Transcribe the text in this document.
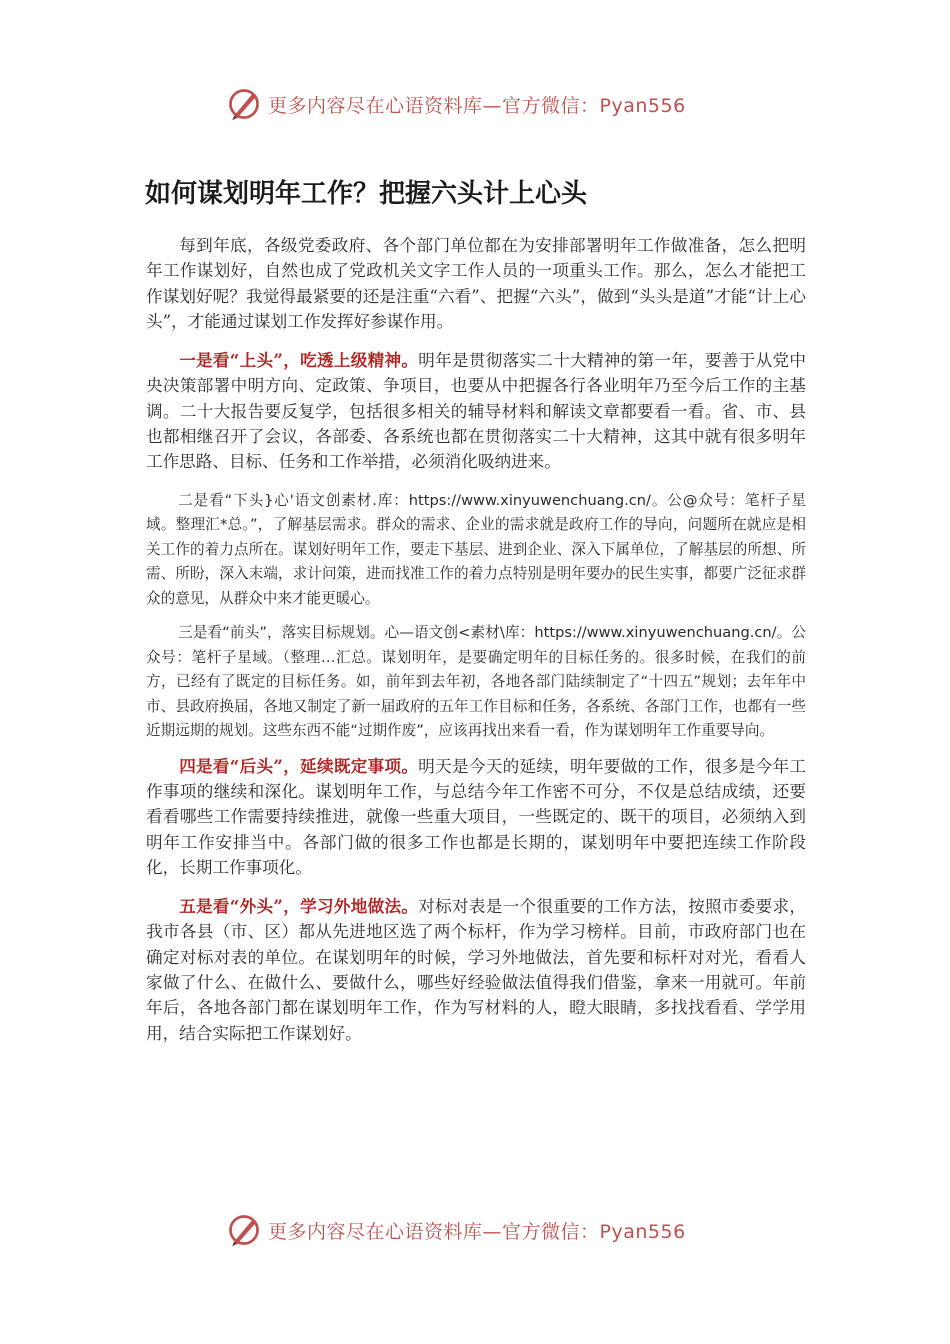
更多内容尽在心语资料库—官方微信：Pyan556
如何谋划明年工作？把握六头计上心头

每到年底，各级党委政府、各个部门单位都在为安排部署明年工作做准备，怎么把明年工作谋划好，自然也成了党政机关文字工作人员的一项重头工作。那么，怎么才能把工作谋划好呢？我觉得最紧要的还是注重“六看”、把握“六头”，做到“头头是道”才能“计上心头”，才能通过谋划工作发挥好参谋作用。

一是看“上头”，吃透上级精神。明年是贯彻落实二十大精神的第一年，要善于从党中央决策部署中明方向、定政策、争项目，也要从中把握各行各业明年乃至今后工作的主基调。二十大报告要反复学，包括很多相关的辅导材料和解读文章都要看一看。省、市、县也都相继召开了会议，各部委、各系统也都在贯彻落实二十大精神，这其中就有很多明年工作思路、目标、任务和工作举措，必须消化吸纳进来。

二是看“下头}心'语文创素材.库：https://www.xinyuwenchuang.cn/。公@众号：笔杆子星域。整理汇*总。”，了解基层需求。群众的需求、企业的需求就是政府工作的导向，问题所在就应是相关工作的着力点所在。谋划好明年工作，要走下基层、进到企业、深入下属单位，了解基层的所想、所需、所盼，深入末端，求计问策，进而找准工作的着力点特别是明年要办的民生实事，都要广泛征求群众的意见，从群众中来才能更暖心。

三是看“前头”，落实目标规划。心—语文创<素材\库：https://www.xinyuwenchuang.cn/。公众号：笔杆子星域。（整理…汇总。谋划明年，是要确定明年的目标任务的。很多时候，在我们的前方，已经有了既定的目标任务。如，前年到去年初，各地各部门陆续制定了“十四五”规划；去年年中市、县政府换届，各地又制定了新一届政府的五年工作目标和任务，各系统、各部门工作，也都有一些近期远期的规划。这些东西不能“过期作废”，应该再找出来看一看，作为谋划明年工作重要导向。

四是看“后头”，延续既定事项。明天是今天的延续，明年要做的工作，很多是今年工作事项的继续和深化。谋划明年工作，与总结今年工作密不可分，不仅是总结成绩，还要看看哪些工作需要持续推进，就像一些重大项目，一些既定的、既干的项目，必须纳入到明年工作安排当中。各部门做的很多工作也都是长期的，谋划明年中要把连续工作阶段化，长期工作事项化。

五是看“外头”，学习外地做法。对标对表是一个很重要的工作方法，按照市委要求，我市各县（市、区）都从先进地区选了两个标杆，作为学习榜样。目前，市政府部门也在确定对标对表的单位。在谋划明年的时候，学习外地做法，首先要和标杆对对光，看看人家做了什么、在做什么、要做什么，哪些好经验做法值得我们借鉴，拿来一用就可。年前年后，各地各部门都在谋划明年工作，作为写材料的人，瞪大眼睛，多找找看看、学学用用，结合实际把工作谋划好。

更多内容尽在心语资料库—官方微信：Pyan556
